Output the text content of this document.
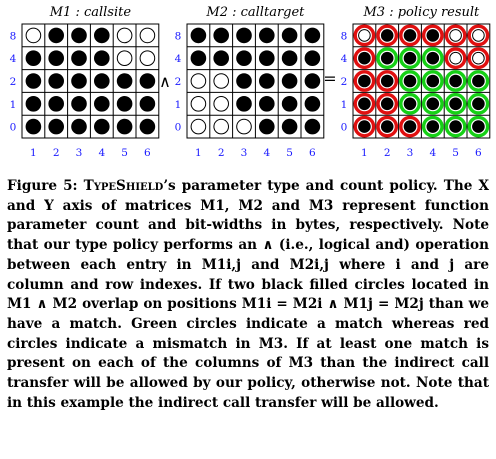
M1 : callsite
8
4
2
1
0
1 2 3 4 5 6
M2 : calltarget
8
4
2
1
0
1 2 3 4 5 6
M3 : policy result
8
4
2
1
0
1 2 3 4 5 6
∧	=

Figure 5: TypeShield’s parameter type and count policy. The X and Y axis of matrices M1, M2 and M3 represent function parameter count and bit-widths in bytes, respectively. Note that our type policy performs an ∧ (i.e., logical and) operation between each entry in M1i,j and M2i,j where i and j are column and row indexes. If two black filled circles located in M1 ∧ M2 overlap on positions M1i = M2i ∧ M1j = M2j than we have a match. Green circles indicate a match whereas red circles indicate a mismatch in M3. If at least one match is present on each of the columns of M3 than the indirect call transfer will be allowed by our policy, otherwise not. Note that in this example the indirect call transfer will be allowed.
